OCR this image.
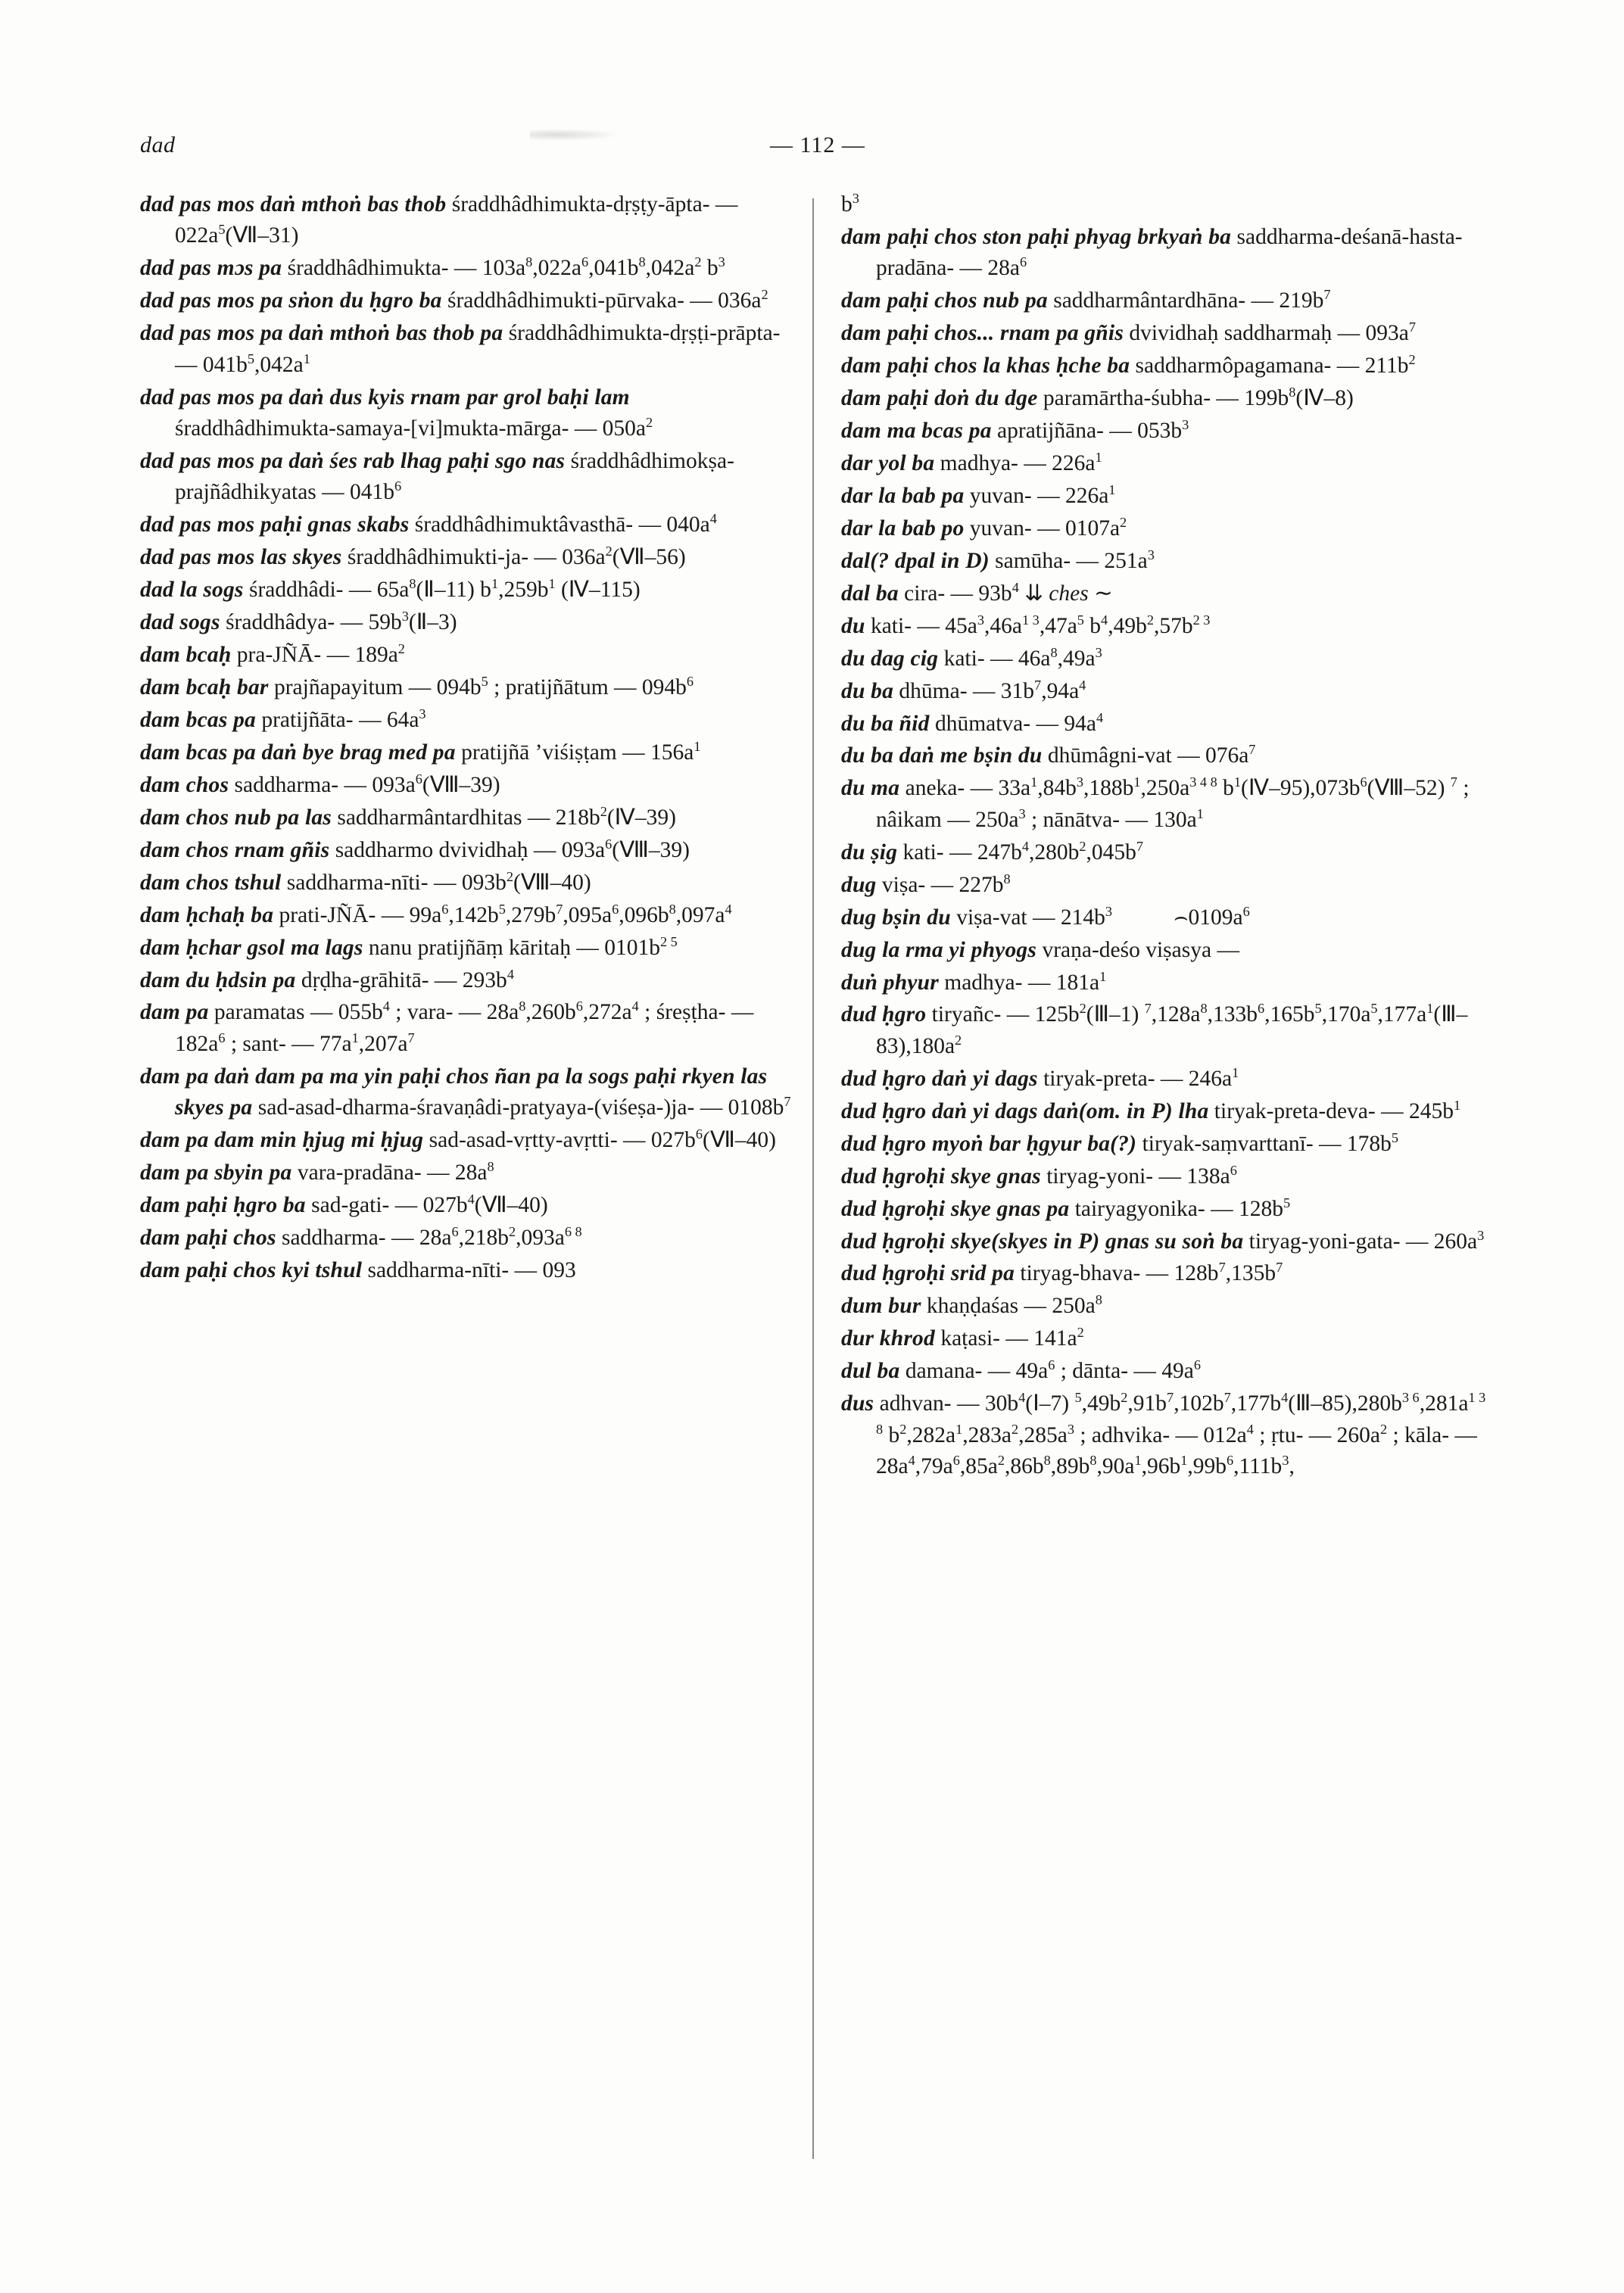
dad	— 112 —
dad pas mos daṅ mthoṅ bas thob śraddhâdhimukta-dṛṣṭy-āpta- — $022a^5(Ⅶ-31)$
dad pas mɔs pa śraddhâdhimukta- — $103a^8,022a^6,041b^8,042a^2$ $b^3$
dad pas mos pa sṅon du ḥgro ba śraddhâdhimukti-pūrvaka- — $036a^2$
dad pas mos pa daṅ mthoṅ bas thob pa śraddhâdhimukta-dṛṣṭi-prāpta- — $041b^5,042a^1$
dad pas mos pa daṅ dus kyis rnam par grol baḥi lam śraddhâdhimukta-samaya-[vi]mukta-mārga- — $050a^2$
dad pas mos pa daṅ śes rab lhag paḥi sgo nas śraddhâdhimokṣa-prajñâdhikyatas — $041b^6$
dad pas mos paḥi gnɑs skabs śraddhâdhimuktâvasthā- — $040a^4$
dad pas mos las skyes śraddhâdhimukti-ja- — $036a^2(Ⅶ-56)$
dad la sogs śraddhâdi- — $65a^8(Ⅱ-11)$ $b^1,259b^1$ (Ⅳ–115)
dad sogs śraddhâdya- — $59b^3(Ⅱ-3)$
dam bcaḥ pra-JÑĀ- — $189a^2$
dam bcaḥ bar prajñapayitum — $094b^5$ ; pratijñātum — $094b^6$
dam bcas pa pratijñāta- — $64a^3$
dam bcas pa daṅ bye brag med pa pratijñā ’viśiṣṭam — $156a^1$
dam chos saddharma- — $093a^6(Ⅷ-39)$
dam chos nub pa las saddharmântardhitas — $218b^2(Ⅳ-39)$
dam chos rnam gñis saddharmo dvividhaḥ — $093a^6(Ⅷ-39)$
dam chos tshul saddharma-nīti- — $093b^2(Ⅷ-40)$
dam ḥchaḥ ba prati-JÑĀ- — $99a^6,142b^5,279b^7,095a^6,096b^8,097a^4$
dam ḥchar gsol ma lags nanu pratijñāṃ kāritaḥ — $0101b^{2 5}$
dam du ḥdsin pa dṛḍha-grāhitā- — $293b^4$
dam pa paramatas — $055b^4$ ; vara- — $28a^8,260b^6,272a^4$ ; śreṣṭha- — $182a^6$ ; sant- — $77a^1,207a^7$
dam pa daṅ dam pa ma yin paḥi chos ñan pa la sogs paḥi rkyen las skyes pa sad-asad-dharma-śravaṇâdi-pratyaya-(viśeṣa-)ja- — $0108b^7$
dam pa dam min ḥjug mi ḥjug sad-asad-vṛtty-avṛtti- — $027b^6(Ⅶ-40)$
dam pa sbyin pa vara-pradāna- — $28a^8$
dam paḥi ḥgro ba sad-gati- — $027b^4(Ⅶ-40)$
dam paḥi chos saddharma- — $28a^6,218b^2,093a^{6 8}$
dam paḥi chos kyi tshul saddharma-nīti- — 093
$b^3$
dam paḥi chos ston paḥi phyag brkyaṅ ba saddharma-deśanā-hasta-pradāna- — $28a^6$
dam paḥi chos nub pa saddharmântardhāna- — $219b^7$
dam paḥi chos... rnam pa gñis dvividhaḥ saddharmaḥ — $093a^7$
dam paḥi chos la khas ḥche ba saddharmôpagamana- — $211b^2$
dam paḥi doṅ du dge paramārtha-śubha- — $199b^8(Ⅳ-8)$
dam ma bcas pa apratijñāna- — $053b^3$
dar yol ba madhya- — $226a^1$
dar la bab pa yuvan- — $226a^1$
dar la bab po yuvan- — $0107a^2$
dal(? dpal in D) samūha- — $251a^3$
dal ba cira- — $93b^4$ ⇊ ches ∼
du kati- — $45a^3,46a^{1 3},47a^5$ $b^4,49b^2,57b^{2 3}$
du dag cig kati- — $46a^8,49a^3$
du ba dhūma- — $31b^7,94a^4$
du ba ñid dhūmatva- — $94a^4$
du ba daṅ me bṣin du dhūmâgni-vat — $076a^7$
du ma aneka- — $33a^1,84b^3,188b^1,250a^{3 4 8}$ $b^1(Ⅳ-95),073b^6(Ⅷ-52)$ $^7$ ; nâikam — $250a^3$ ; nānātva- — $130a^1$
du ṣig kati- — $247b^4,280b^2,045b^7$
dug viṣa- — $227b^8$
dug bṣin du viṣa-vat — $214b^3$           $⌢0109a^6$
dug la rma yi phyogs vraṇa-deśo viṣasya —
duṅ phyur madhya- — $181a^1$
dud ḥgro tiryañc- — $125b^2(Ⅲ-1)$ $^7,128a^8,133b^6,165b^5,170a^5,177a^1(Ⅲ-83),180a^2$
dud ḥgro daṅ yi dags tiryak-preta- — $246a^1$
dud ḥgro daṅ yi dags daṅ(om. in P) lha tiryak-preta-deva- — $245b^1$
dud ḥgro myoṅ bar ḥgyur ba(?) tiryak-saṃvarttanī- — $178b^5$
dud ḥgroḥi skye gnas tiryag-yoni- — $138a^6$
dud ḥgroḥi skye gnas pa tairyagyonika- — $128b^5$
dud ḥgroḥi skye(skyes in P) gnɑs su soṅ ba tiryag-yoni-gata- — $260a^3$
dud ḥgroḥi srid pa tiryag-bhava- — $128b^7,135b^7$
dum bur khaṇḍaśas — $250a^8$
dur khrod kaṭasi- — $141a^2$
dul ba damana- — $49a^6$ ; dānta- — $49a^6$
dus adhvan- — $30b^4(Ⅰ-7)$ $^5,49b^2,91b^7,102b^7,177b^4(Ⅲ-85),280b^{3 6},281a^{1 3 8}$ $b^2,282a^1,283a^2,285a^3$ ; adhvika- — $012a^4$ ; ṛtu- — $260a^2$ ; kāla- — $28a^4,79a^6,85a^2,86b^8,89b^8,90a^1,96b^1,99b^6,111b^3$,
